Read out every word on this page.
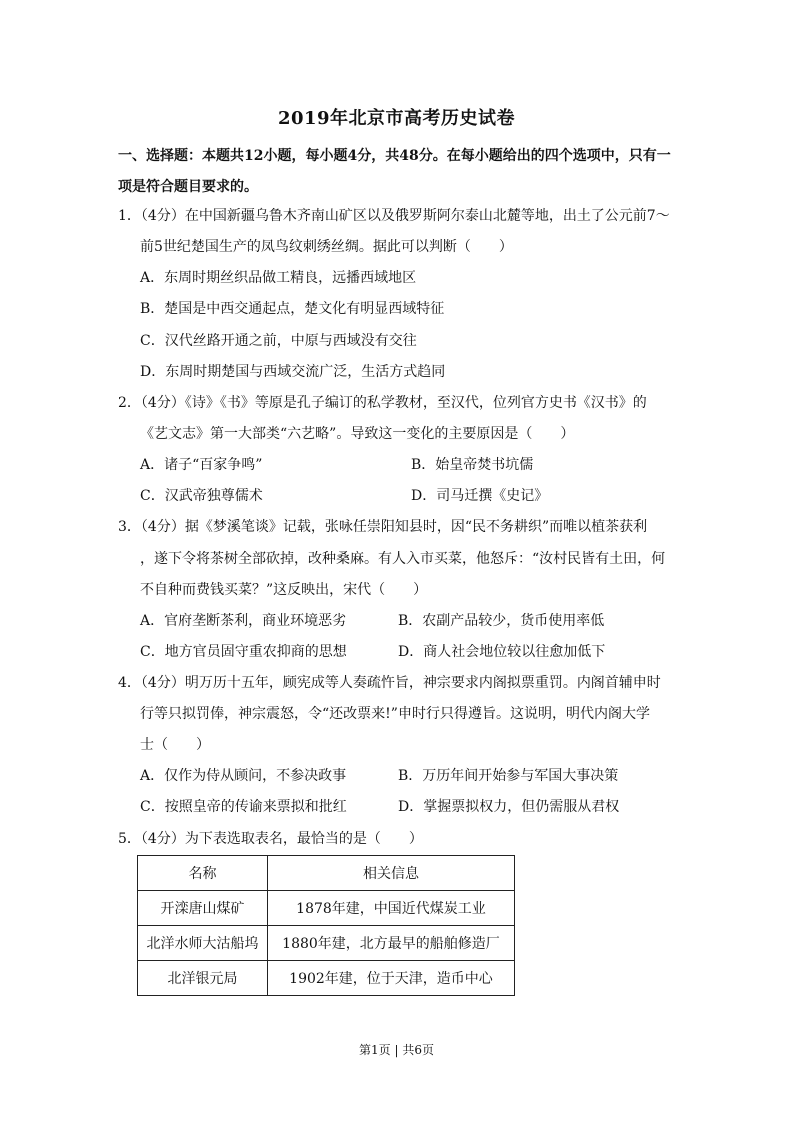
2019年北京市高考历史试卷
一、选择题：本题共12小题，每小题4分，共48分。在每小题给出的四个选项中，只有一项是符合题目要求的。
1．（4分）在中国新疆乌鲁木齐南山矿区以及俄罗斯阿尔泰山北麓等地，出土了公元前7～
前5世纪楚国生产的凤鸟纹刺绣丝绸。据此可以判断（　　）
A．东周时期丝织品做工精良，远播西域地区
B．楚国是中西交通起点，楚文化有明显西域特征
C．汉代丝路开通之前，中原与西域没有交往
D．东周时期楚国与西域交流广泛，生活方式趋同
2．（4分）《诗》《书》等原是孔子编订的私学教材，至汉代，位列官方史书《汉书》的
《艺文志》第一大部类“六艺略”。导致这一变化的主要原因是（　　）
A．诸子“百家争鸣”	B．始皇帝焚书坑儒
C．汉武帝独尊儒术	D．司马迁撰《史记》
3．（4分）据《梦溪笔谈》记载，张咏任崇阳知县时，因“民不务耕织”而唯以植茶获利
，遂下令将茶树全部砍掉，改种桑麻。有人入市买菜，他怒斥：“汝村民皆有土田，何
不自种而费钱买菜？”这反映出，宋代（　　）
A．官府垄断茶利，商业环境恶劣	B．农副产品较少，货币使用率低
C．地方官员固守重农抑商的思想	D．商人社会地位较以往愈加低下
4．（4分）明万历十五年，顾宪成等人奏疏忤旨，神宗要求内阁拟票重罚。内阁首辅申时
行等只拟罚俸，神宗震怒，令“还改票来!”申时行只得遵旨。这说明，明代内阁大学
士（　　）
A．仅作为侍从顾问，不参决政事	B．万历年间开始参与军国大事决策
C．按照皇帝的传谕来票拟和批红	D．掌握票拟权力，但仍需服从君权
5．（4分）为下表选取表名，最恰当的是（　　）
名称	相关信息
开滦唐山煤矿	1878年建，中国近代煤炭工业
北洋水师大沽船坞	1880年建，北方最早的船舶修造厂
北洋银元局	1902年建，位于天津，造币中心
第1页 | 共6页
